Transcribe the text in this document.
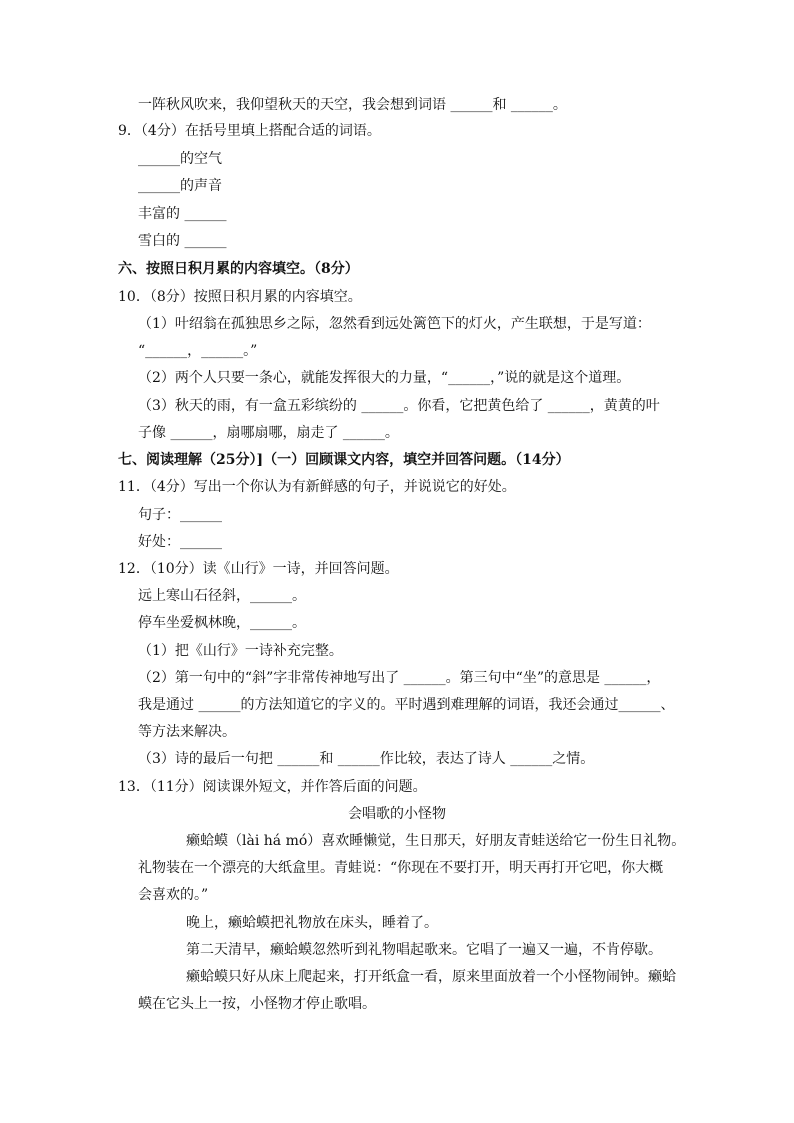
一阵秋风吹来，我仰望秋天的天空，我会想到词语 ______和 ______。
9．（4分）在括号里填上搭配合适的词语。
______的空气
______的声音
丰富的 ______
雪白的 ______
六、按照日积月累的内容填空。（8分）
10．（8分）按照日积月累的内容填空。
（1）叶绍翁在孤独思乡之际，忽然看到远处篱笆下的灯火，产生联想，于是写道：
“______，______。”
（2）两个人只要一条心，就能发挥很大的力量，“______，”说的就是这个道理。
（3）秋天的雨，有一盒五彩缤纷的 ______。你看，它把黄色给了 ______，黄黄的叶
子像 ______，扇哪扇哪，扇走了 ______。
七、阅读理解（25分）]（一）回顾课文内容，填空并回答问题。（14分）
11．（4分）写出一个你认为有新鲜感的句子，并说说它的好处。
句子：______
好处：______
12．（10分）读《山行》一诗，并回答问题。
远上寒山石径斜，______。
停车坐爱枫林晚，______。
（1）把《山行》一诗补充完整。
（2）第一句中的“斜”字非常传神地写出了 ______。第三句中“坐”的意思是 ______，
我是通过 ______的方法知道它的字义的。平时遇到难理解的词语，我还会通过______、
等方法来解决。
（3）诗的最后一句把 ______和 ______作比较，表达了诗人 ______之情。
13．（11分）阅读课外短文，并作答后面的问题。
会唱歌的小怪物
癞蛤蟆（lài há mó）喜欢睡懒觉，生日那天，好朋友青蛙送给它一份生日礼物。
礼物装在一个漂亮的大纸盒里。青蛙说：“你现在不要打开，明天再打开它吧，你大概
会喜欢的。”
晚上，癞蛤蟆把礼物放在床头，睡着了。
第二天清早，癞蛤蟆忽然听到礼物唱起歌来。它唱了一遍又一遍，不肯停歇。
癞蛤蟆只好从床上爬起来，打开纸盒一看，原来里面放着一个小怪物闹钟。癞蛤
蟆在它头上一按，小怪物才停止歌唱。
